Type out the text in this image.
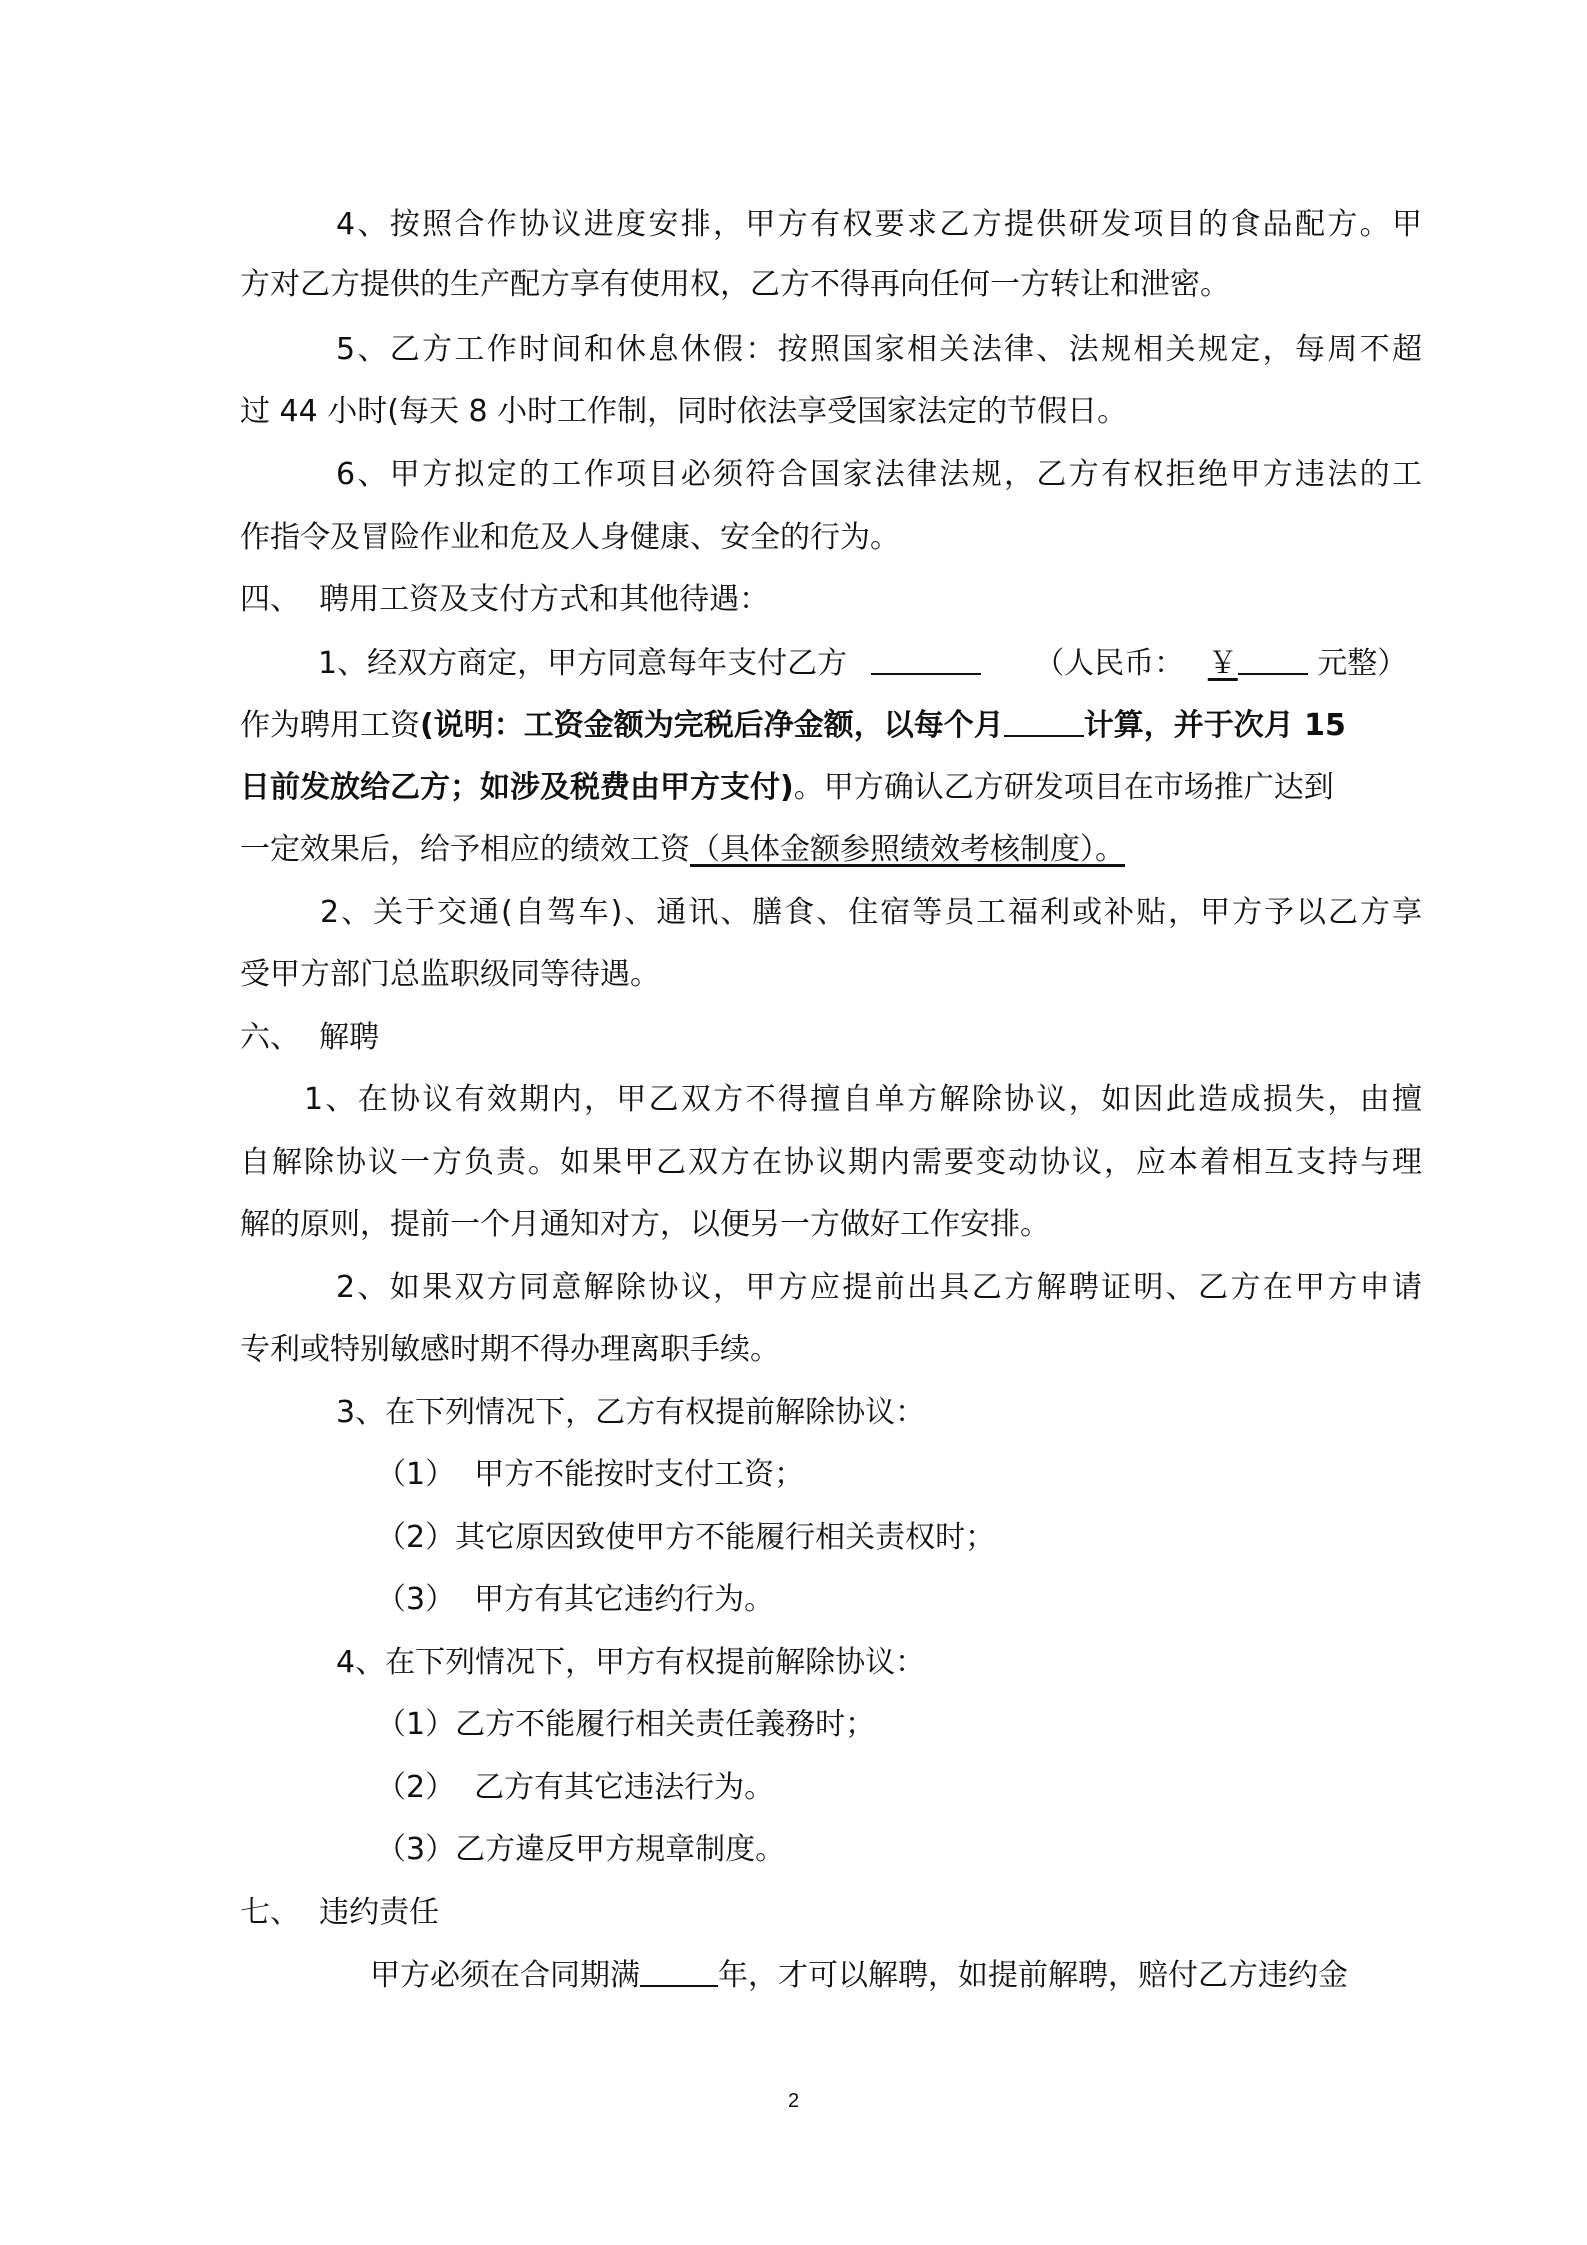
4、按照合作协议进度安排，甲方有权要求乙方提供研发项目的食品配方。甲
方对乙方提供的生产配方享有使用权，乙方不得再向任何一方转让和泄密。
5、乙方工作时间和休息休假：按照国家相关法律、法规相关规定，每周不超
过 44 小时(每天 8 小时工作制，同时依法享受国家法定的节假日。
6、甲方拟定的工作项目必须符合国家法律法规，乙方有权拒绝甲方违法的工
作指令及冒险作业和危及人身健康、安全的行为。
四、  聘用工资及支付方式和其他待遇：
1、经双方商定，甲方同意每年支付乙方	（人民币： ￥	元整）
作为聘用工资(说明：工资金额为完税后净金额，以每个月	计算，并于次月 15
日前发放给乙方；如涉及税费由甲方支付)。甲方确认乙方研发项目在市场推广达到
一定效果后，给予相应的绩效工资（具体金额参照绩效考核制度）。
2、关于交通(自驾车)、通讯、膳食、住宿等员工福利或补贴，甲方予以乙方享
受甲方部门总监职级同等待遇。
六、  解聘
1、在协议有效期内，甲乙双方不得擅自单方解除协议，如因此造成损失，由擅
自解除协议一方负责。如果甲乙双方在协议期内需要变动协议，应本着相互支持与理
解的原则，提前一个月通知对方，以便另一方做好工作安排。
2、如果双方同意解除协议，甲方应提前出具乙方解聘证明、乙方在甲方申请
专利或特别敏感时期不得办理离职手续。
3、在下列情况下，乙方有权提前解除协议：
（1）  甲方不能按时支付工资；
（2）其它原因致使甲方不能履行相关责权时；
（3）  甲方有其它违约行为。
4、在下列情况下，甲方有权提前解除协议：
（1）乙方不能履行相关责任義務时；
（2）  乙方有其它违法行为。
（3）乙方違反甲方規章制度。
七、  违约责任
甲方必须在合同期满	年，才可以解聘，如提前解聘，赔付乙方违约金
2
